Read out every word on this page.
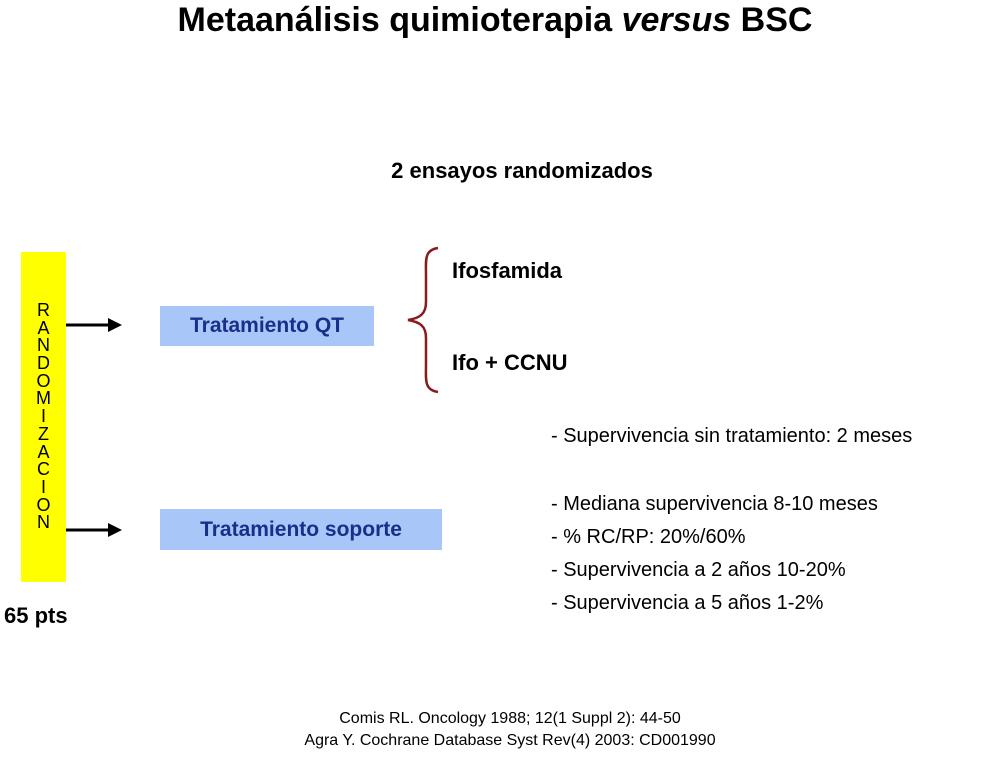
Metaanálisis quimioterapia versus BSC
2 ensayos randomizados
R
A
N
D
O
M
I
Z
A
C
I
O
N
65 pts
Tratamiento QT
Tratamiento soporte
Ifosfamida
Ifo + CCNU
- Supervivencia sin tratamiento: 2 meses
- Mediana supervivencia 8-10 meses
- % RC/RP: 20%/60%
- Supervivencia a 2 años 10-20%
- Supervivencia a 5 años 1-2%
Comis RL. Oncology 1988; 12(1 Suppl 2): 44-50
Agra Y. Cochrane Database Syst Rev(4) 2003: CD001990
